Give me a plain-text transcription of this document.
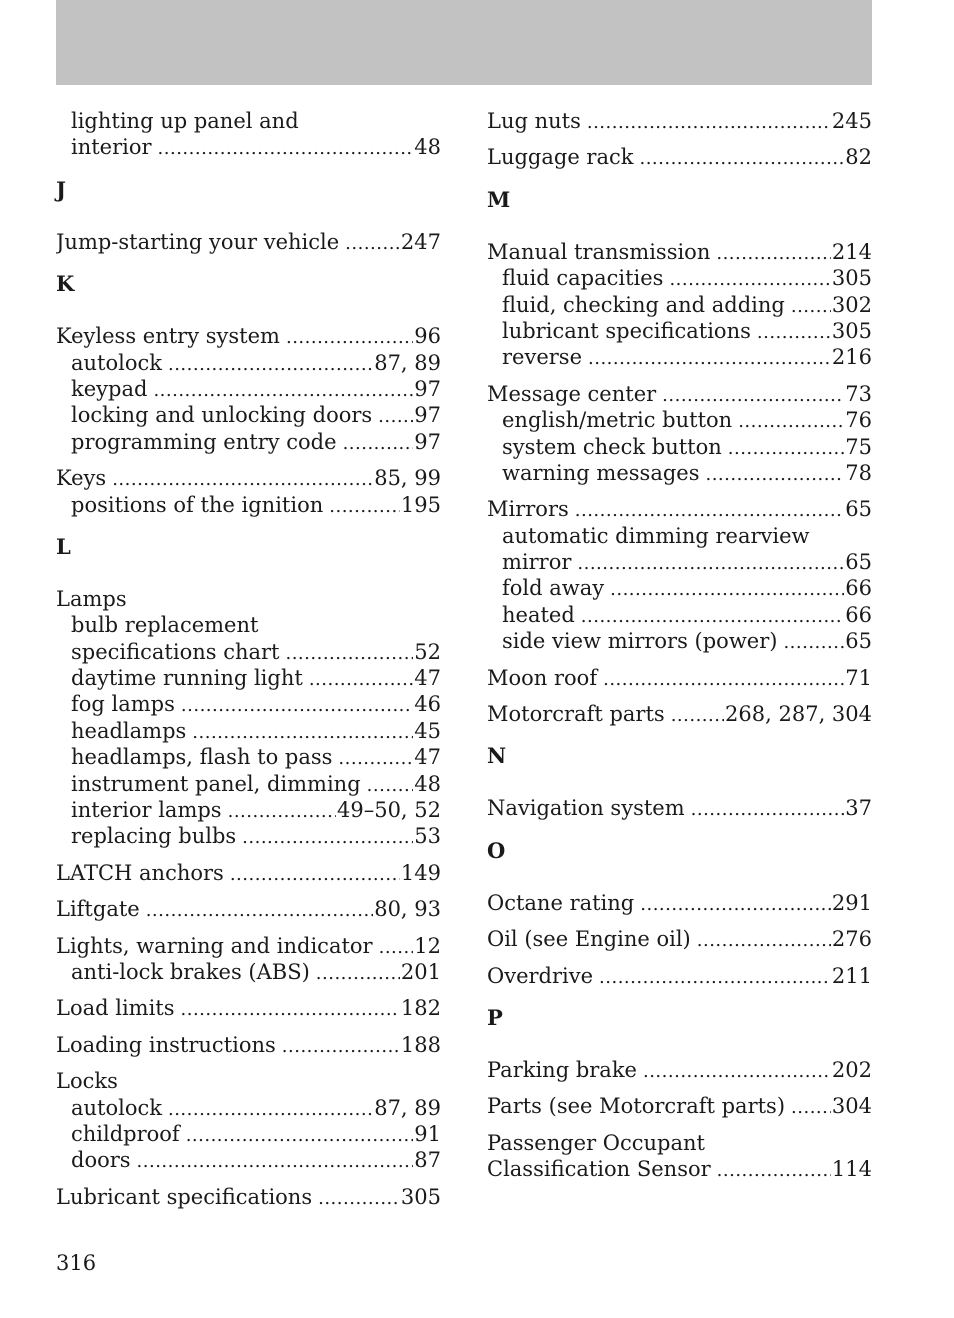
lighting up panel and
interior .....	48
J
Jump-starting your vehicle .....	247
K
Keyless entry system .....	96
autolock .....	87, 89
keypad .....	97
locking and unlocking doors ..... 97
programming entry code .....	97
Keys .....	85, 99
positions of the ignition .....	195
L
Lamps
bulb replacement
specifications chart .....	52
daytime running light .....	47
fog lamps .....	46
headlamps .....	45
headlamps, flash to pass .....	47
instrument panel, dimming .....	48
interior lamps .....	49–50, 52
replacing bulbs .....	53
LATCH anchors .....	149
Liftgate .....	80, 93
Lights, warning and indicator ..... 12
anti-lock brakes (ABS) .....	201
Load limits .....	182
Loading instructions .....	188
Locks
autolock .....	87, 89
childproof .....	91
doors .....	87
Lubricant specifications .....	305
Lug nuts .....	245
Luggage rack .....	82
M
Manual transmission .....	214
fluid capacities .....	305
fluid, checking and adding ..... 302
lubricant specifications .....	305
reverse .....	216
Message center .....	73
english/metric button .....	76
system check button .....	75
warning messages .....	78
Mirrors .....	65
automatic dimming rearview
mirror .....	65
fold away .....	66
heated .....	66
side view mirrors (power) .....	65
Moon roof .....	71
Motorcraft parts .....	268, 287, 304
N
Navigation system .....	37
O
Octane rating .....	291
Oil (see Engine oil) .....	276
Overdrive .....	211
P
Parking brake .....	202
Parts (see Motorcraft parts) ..... 304
Passenger Occupant
Classification Sensor .....	114
316
